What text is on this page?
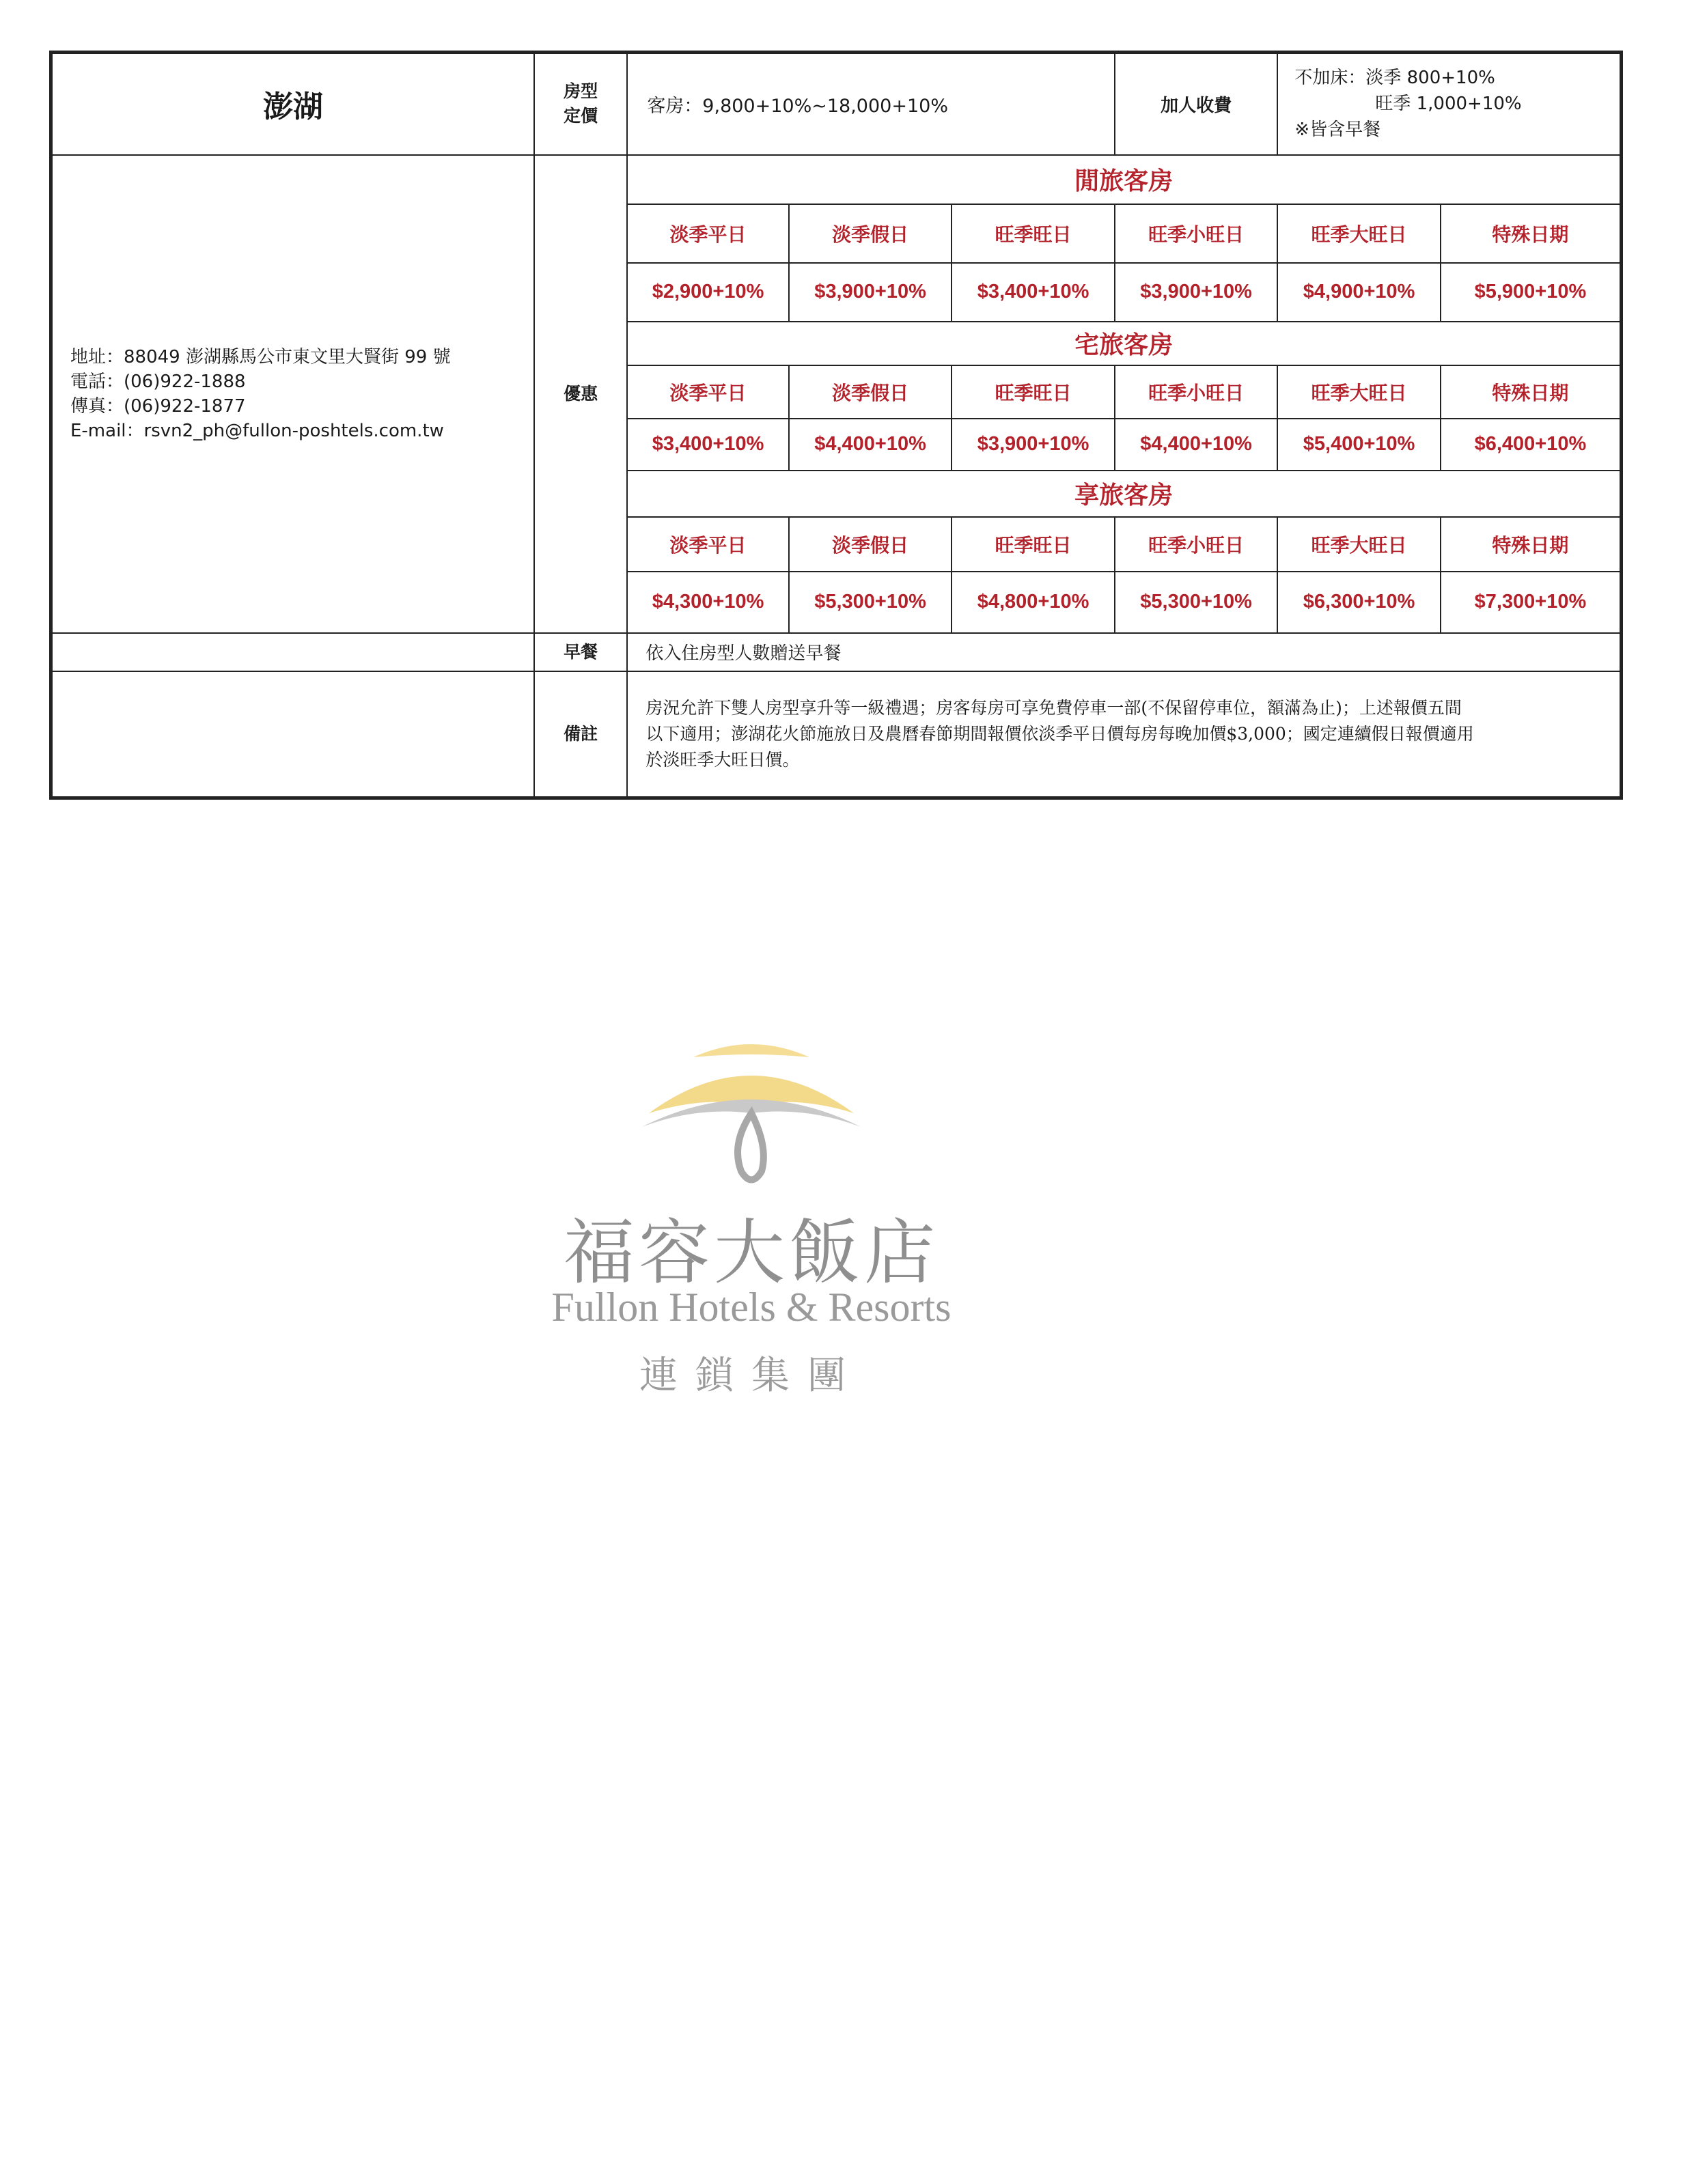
澎湖	房型定價	客房：9,800+10%~18,000+10%			加人收費	不加床：淡季 800+10%
旺季 1,000+10%
※皆含早餐	

地址：88049 澎湖縣馬公市東文里大賢街 99 號
電話：(06)922-1888
傳真：(06)922-1877
E-mail：rsvn2_ph@fullon-poshtels.com.tw	優惠	閒旅客房					
		淡季平日	淡季假日	旺季旺日	旺季小旺日	旺季大旺日	特殊日期
		$2,900+10%	$3,900+10%	$3,400+10%	$3,900+10%	$4,900+10%	$5,900+10%
		宅旅客房					
		淡季平日	淡季假日	旺季旺日	旺季小旺日	旺季大旺日	特殊日期
		$3,400+10%	$4,400+10%	$3,900+10%	$4,400+10%	$5,400+10%	$6,400+10%
		享旅客房					
		淡季平日	淡季假日	旺季旺日	旺季小旺日	旺季大旺日	特殊日期
		$4,300+10%	$5,300+10%	$4,800+10%	$5,300+10%	$6,300+10%	$7,300+10%
	早餐	依入住房型人數贈送早餐					
	備註	房況允許下雙人房型享升等一級禮遇；房客每房可享免費停車一部(不保留停車位，額滿為止)；上述報價五間
以下適用；澎湖花火節施放日及農曆春節期間報價依淡季平日價每房每晚加價$3,000；國定連續假日報價適用
於淡旺季大旺日價。					
福容大飯店
Fullon Hotels & Resorts
連鎖集團
